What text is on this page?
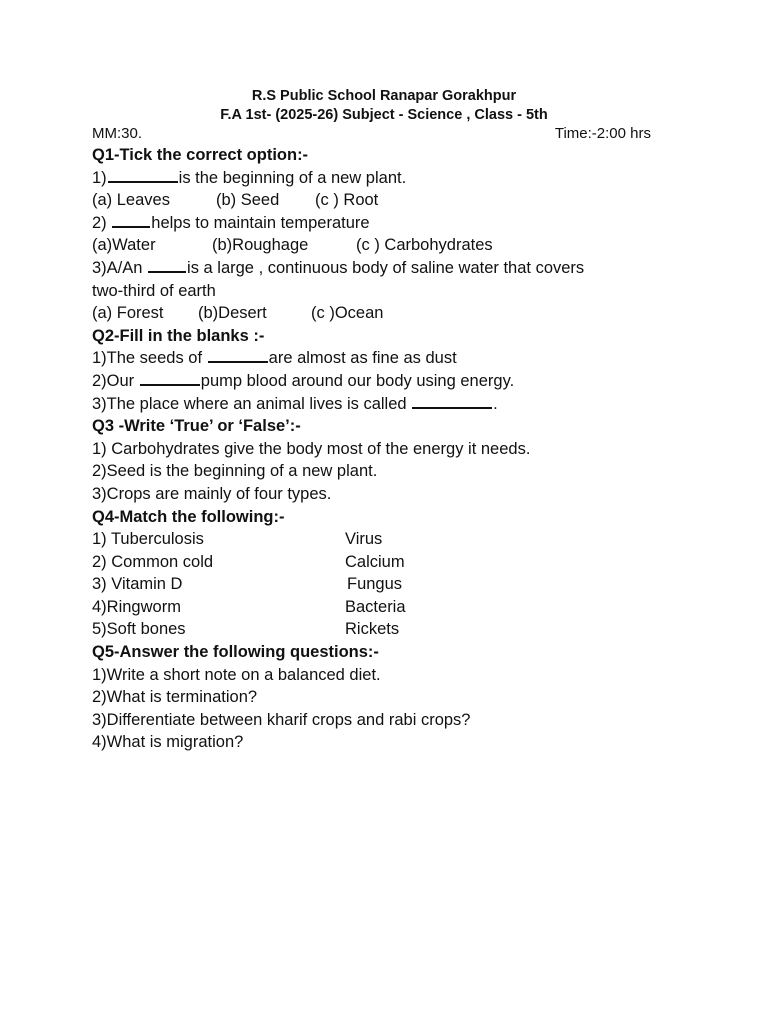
R.S Public School Ranapar Gorakhpur
F.A 1st- (2025-26) Subject - Science , Class - 5th
MM:30.	Time:-2:00 hrs
Q1-Tick the correct option:-
1)	is the beginning of a new plant.
(a) Leaves	(b) Seed (c ) Root
2) helps to maintain temperature
(a)Water	(b)Roughage	(c ) Carbohydrates
3)A/An is a large , continuous body of saline water that covers
two-third of earth
(a) Forest (b)Desert	(c )Ocean
Q2-Fill in the blanks :-
1)The seeds of	are almost as fine as dust
2)Our	pump blood around our body using energy.
3)The place where an animal lives is called	.
Q3 -Write ‘True’ or ‘False’:-
1) Carbohydrates give the body most of the energy it needs.
2)Seed is the beginning of a new plant.
3)Crops are mainly of four types.
Q4-Match the following:-
1) Tuberculosis	Virus
2) Common cold	Calcium
3) Vitamin D	Fungus
4)Ringworm	Bacteria
5)Soft bones	Rickets
Q5-Answer the following questions:-
1)Write a short note on a balanced diet.
2)What is termination?
3)Differentiate between kharif crops and rabi crops?
4)What is migration?
